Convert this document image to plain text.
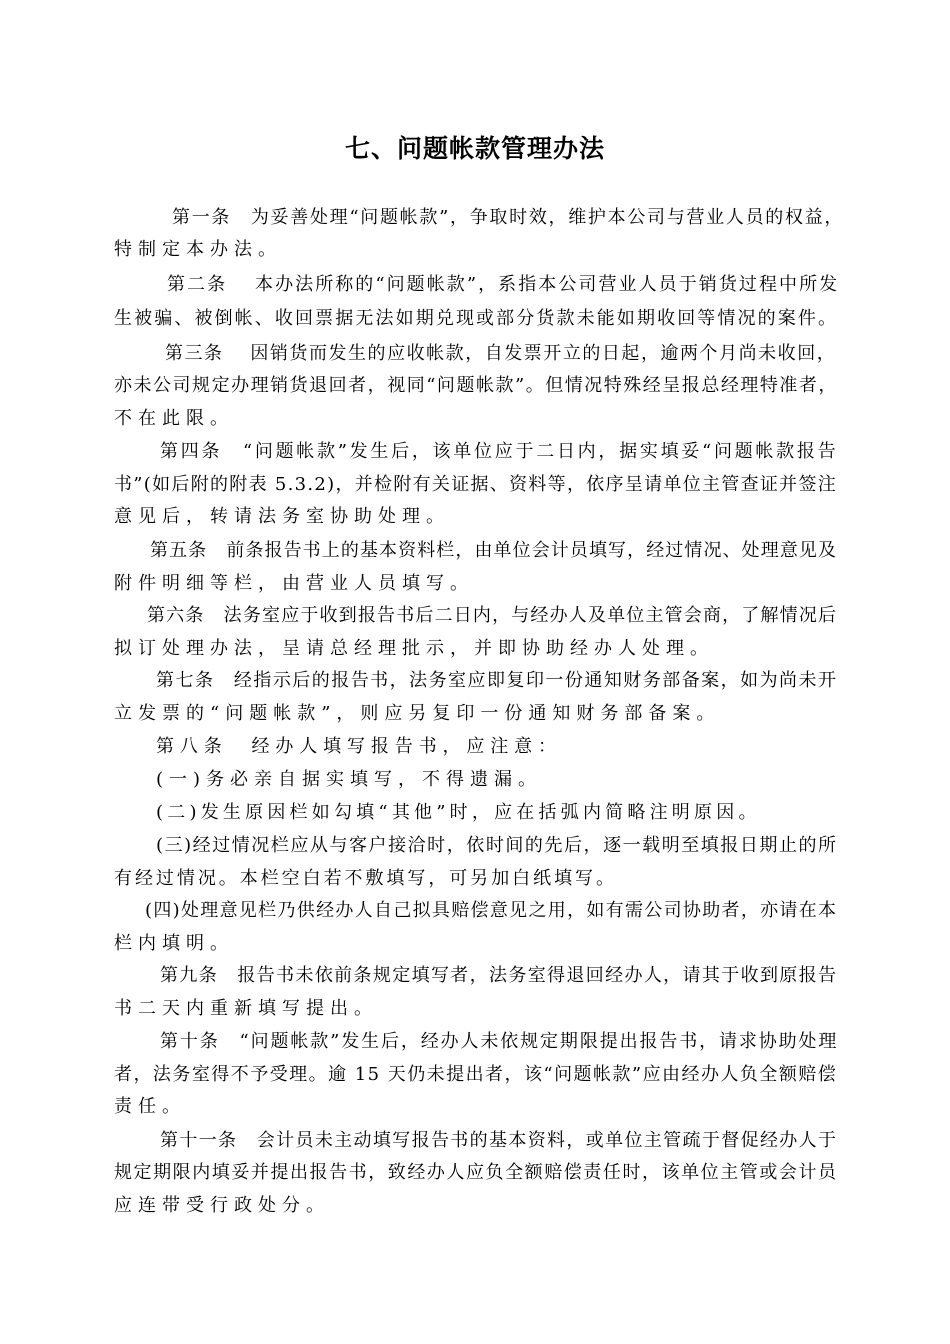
七、问题帐款管理办法
第一条　为妥善处理“问题帐款”，争取时效，维护本公司与营业人员的权益，
特制定本办法。
第二条　 本办法所称的“问题帐款”，系指本公司营业人员于销货过程中所发
生被骗、被倒帐、收回票据无法如期兑现或部分货款未能如期收回等情况的案件。
第三条　 因销货而发生的应收帐款，自发票开立的日起，逾两个月尚未收回，
亦未公司规定办理销货退回者，视同“问题帐款”。但情况特殊经呈报总经理特准者，
不在此限。
第四条　“问题帐款”发生后，该单位应于二日内，据实填妥“问题帐款报告
书”(如后附的附表 5.3.2)，并检附有关证据、资料等，依序呈请单位主管查证并签注
意见后，转请法务室协助处理。
第五条　前条报告书上的基本资料栏，由单位会计员填写，经过情况、处理意见及
附件明细等栏，由营业人员填写。
第六条　法务室应于收到报告书后二日内，与经办人及单位主管会商，了解情况后
拟订处理办法，呈请总经理批示，并即协助经办人处理。
第七条　经指示后的报告书，法务室应即复印一份通知财务部备案，如为尚未开
立发票的“问题帐款”，则应另复印一份通知财务部备案。
第八条　经办人填写报告书，应注意：
(一)务必亲自据实填写，不得遗漏。
(二)发生原因栏如勾填“其他”时，应在括弧内简略注明原因。
(三)经过情况栏应从与客户接洽时，依时间的先后，逐一载明至填报日期止的所
有经过情况。本栏空白若不敷填写，可另加白纸填写。
(四)处理意见栏乃供经办人自己拟具赔偿意见之用，如有需公司协助者，亦请在本
栏内填明。
第九条　报告书未依前条规定填写者，法务室得退回经办人，请其于收到原报告
书二天内重新填写提出。
第十条　“问题帐款”发生后，经办人未依规定期限提出报告书，请求协助处理
者，法务室得不予受理。逾 15 天仍未提出者，该“问题帐款”应由经办人负全额赔偿
责任。
第十一条　会计员未主动填写报告书的基本资料，或单位主管疏于督促经办人于
规定期限内填妥并提出报告书，致经办人应负全额赔偿责任时，该单位主管或会计员
应连带受行政处分。
